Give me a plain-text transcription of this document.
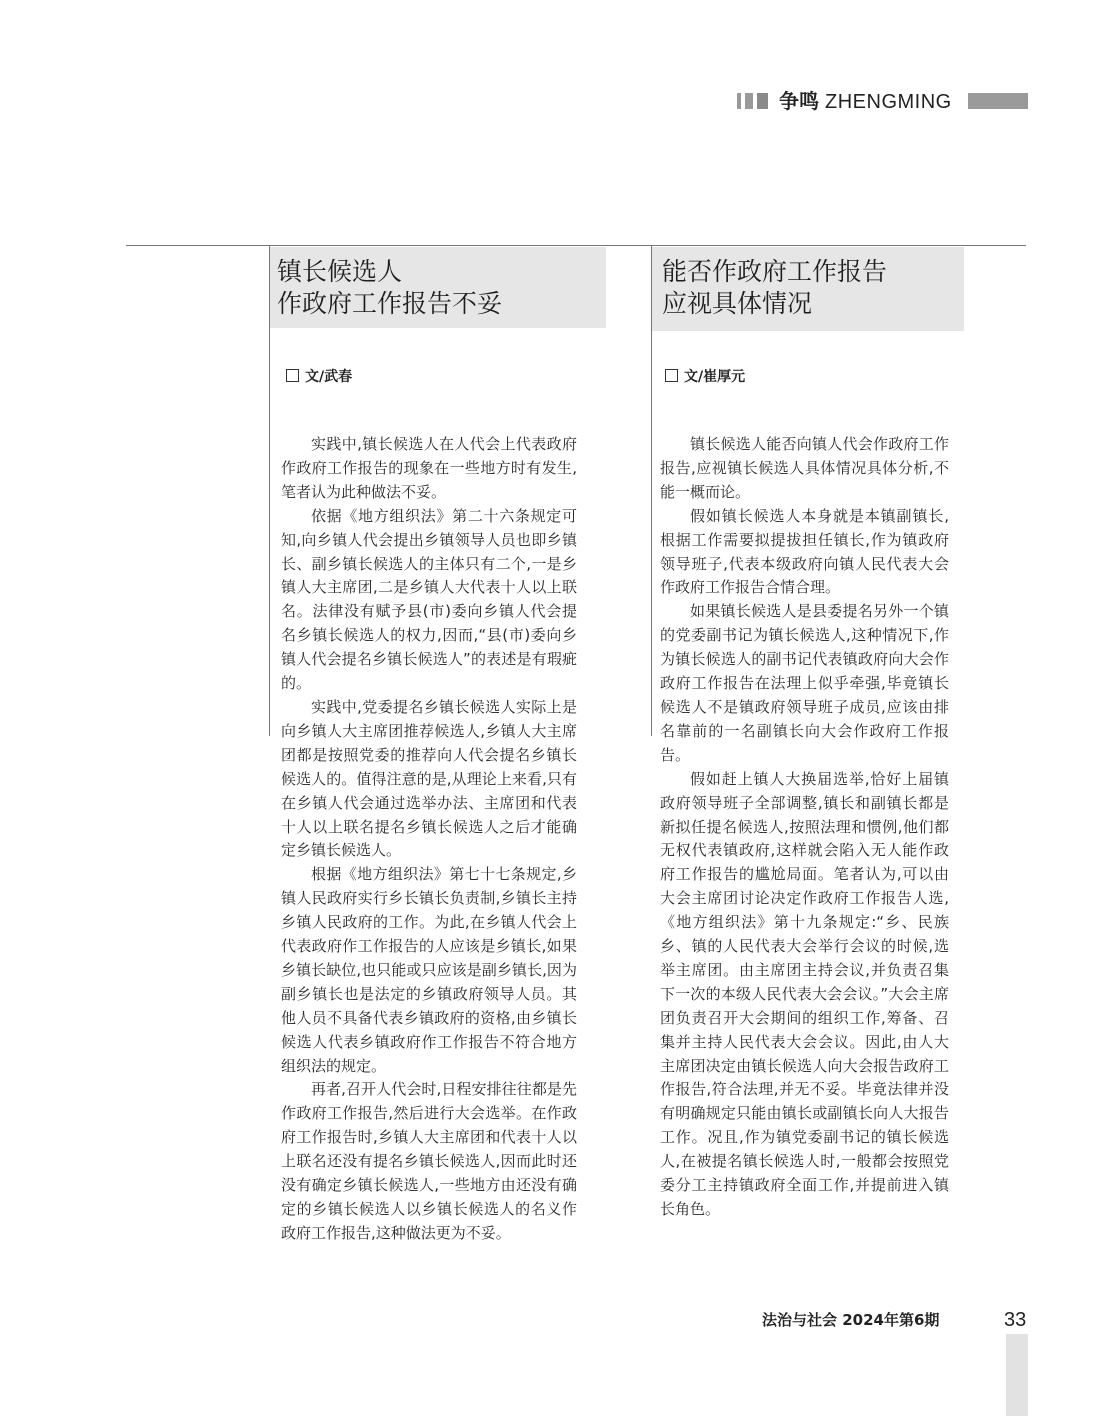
争鸣 ZHENGMING
镇长候选人
作政府工作报告不妥
文/武春

实践中,镇长候选人在人代会上代表政府作政府工作报告的现象在一些地方时有发生,笔者认为此种做法不妥。

依据《地方组织法》第二十六条规定可知,向乡镇人代会提出乡镇领导人员也即乡镇长、副乡镇长候选人的主体只有二个,一是乡镇人大主席团,二是乡镇人大代表十人以上联名。法律没有赋予县(市)委向乡镇人代会提名乡镇长候选人的权力,因而,“县(市)委向乡镇人代会提名乡镇长候选人”的表述是有瑕疵的。

实践中,党委提名乡镇长候选人实际上是向乡镇人大主席团推荐候选人,乡镇人大主席团都是按照党委的推荐向人代会提名乡镇长候选人的。值得注意的是,从理论上来看,只有在乡镇人代会通过选举办法、主席团和代表十人以上联名提名乡镇长候选人之后才能确定乡镇长候选人。

根据《地方组织法》第七十七条规定,乡镇人民政府实行乡长镇长负责制,乡镇长主持乡镇人民政府的工作。为此,在乡镇人代会上代表政府作工作报告的人应该是乡镇长,如果乡镇长缺位,也只能或只应该是副乡镇长,因为副乡镇长也是法定的乡镇政府领导人员。其他人员不具备代表乡镇政府的资格,由乡镇长候选人代表乡镇政府作工作报告不符合地方组织法的规定。

再者,召开人代会时,日程安排往往都是先作政府工作报告,然后进行大会选举。在作政府工作报告时,乡镇人大主席团和代表十人以上联名还没有提名乡镇长候选人,因而此时还没有确定乡镇长候选人,一些地方由还没有确定的乡镇长候选人以乡镇长候选人的名义作政府工作报告,这种做法更为不妥。

能否作政府工作报告
应视具体情况
文/崔厚元

镇长候选人能否向镇人代会作政府工作报告,应视镇长候选人具体情况具体分析,不能一概而论。

假如镇长候选人本身就是本镇副镇长,根据工作需要拟提拔担任镇长,作为镇政府领导班子,代表本级政府向镇人民代表大会作政府工作报告合情合理。

如果镇长候选人是县委提名另外一个镇的党委副书记为镇长候选人,这种情况下,作为镇长候选人的副书记代表镇政府向大会作政府工作报告在法理上似乎牵强,毕竟镇长候选人不是镇政府领导班子成员,应该由排名靠前的一名副镇长向大会作政府工作报告。

假如赶上镇人大换届选举,恰好上届镇政府领导班子全部调整,镇长和副镇长都是新拟任提名候选人,按照法理和惯例,他们都无权代表镇政府,这样就会陷入无人能作政府工作报告的尴尬局面。笔者认为,可以由大会主席团讨论决定作政府工作报告人选,《地方组织法》第十九条规定:“乡、民族乡、镇的人民代表大会举行会议的时候,选举主席团。由主席团主持会议,并负责召集下一次的本级人民代表大会会议。”大会主席团负责召开大会期间的组织工作,筹备、召集并主持人民代表大会会议。因此,由人大主席团决定由镇长候选人向大会报告政府工作报告,符合法理,并无不妥。毕竟法律并没有明确规定只能由镇长或副镇长向人大报告工作。况且,作为镇党委副书记的镇长候选人,在被提名镇长候选人时,一般都会按照党委分工主持镇政府全面工作,并提前进入镇长角色。

法治与社会 2024年第6期	33
